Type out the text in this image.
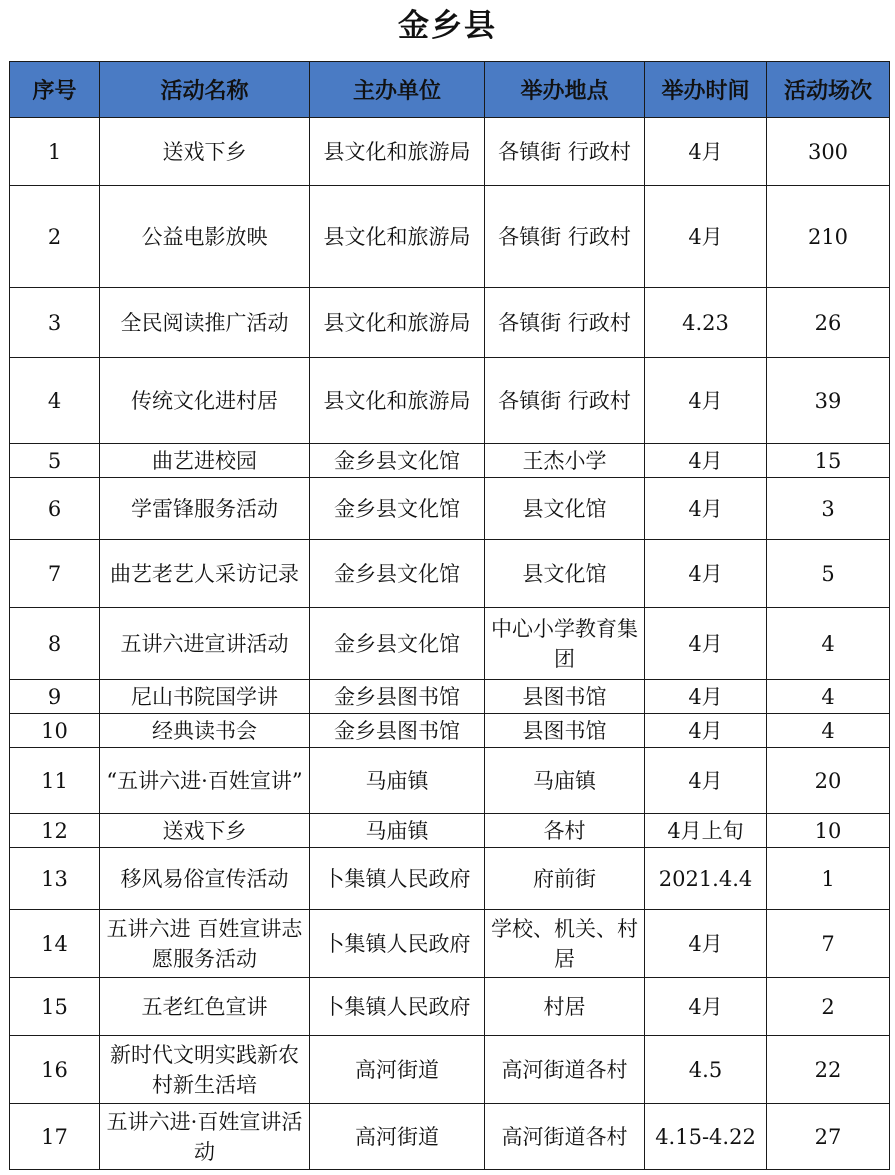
金乡县
序号	活动名称	主办单位	举办地点	举办时间	活动场次
1	送戏下乡	县文化和旅游局	各镇街 行政村	4月	300
2	公益电影放映	县文化和旅游局	各镇街 行政村	4月	210
3	全民阅读推广活动	县文化和旅游局	各镇街 行政村	4.23	26
4	传统文化进村居	县文化和旅游局	各镇街 行政村	4月	39
5	曲艺进校园	金乡县文化馆	王杰小学	4月	15
6	学雷锋服务活动	金乡县文化馆	县文化馆	4月	3
7	曲艺老艺人采访记录	金乡县文化馆	县文化馆	4月	5
8	五讲六进宣讲活动	金乡县文化馆	中心小学教育集团	4月	4
9	尼山书院国学讲	金乡县图书馆	县图书馆	4月	4
10	经典读书会	金乡县图书馆	县图书馆	4月	4
11	“五讲六进·百姓宣讲”	马庙镇	马庙镇	4月	20
12	送戏下乡	马庙镇	各村	4月上旬	10
13	移风易俗宣传活动	卜集镇人民政府	府前街	2021.4.4	1
14	五讲六进 百姓宣讲志愿服务活动	卜集镇人民政府	学校、机关、村居	4月	7
15	五老红色宣讲	卜集镇人民政府	村居	4月	2
16	新时代文明实践新农村新生活培	高河街道	高河街道各村	4.5	22
17	五讲六进·百姓宣讲活动	高河街道	高河街道各村	4.15-4.22	27
